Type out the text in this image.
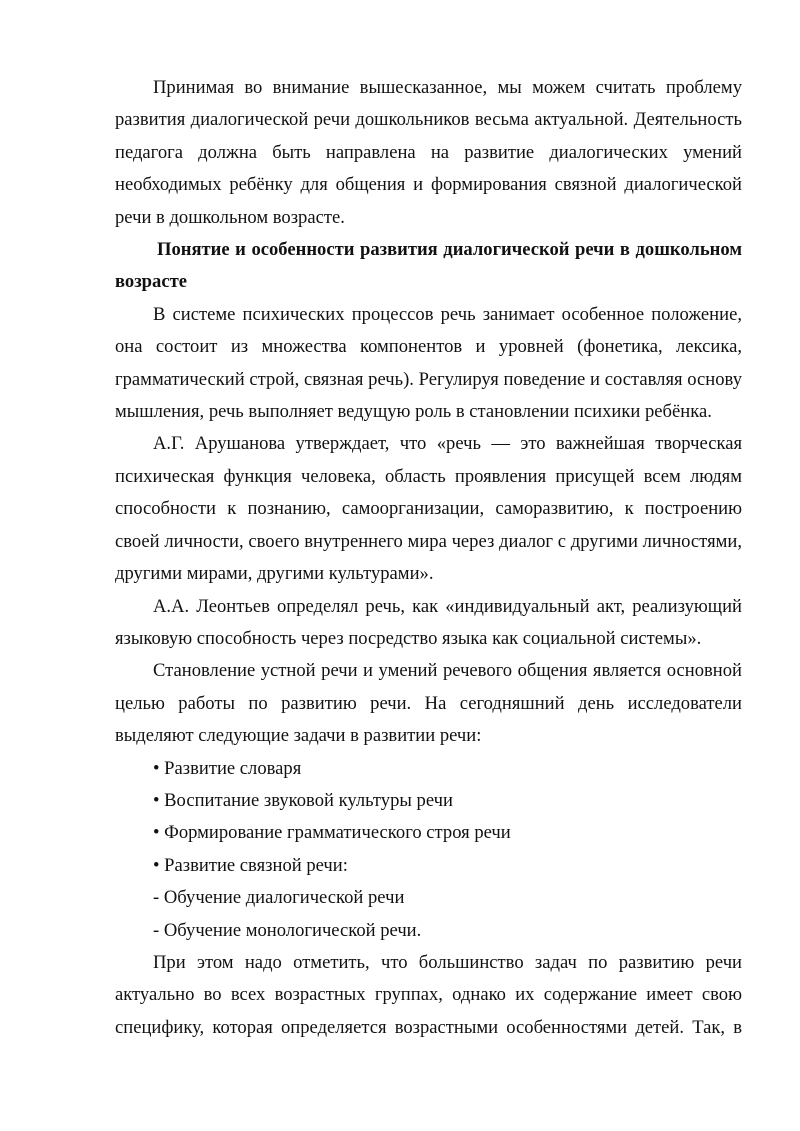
Принимая во внимание вышесказанное, мы можем считать проблему развития диалогической речи дошкольников весьма актуальной. Деятельность педагога должна быть направлена на развитие диалогических умений необходимых ребёнку для общения и формирования связной диалогической речи в дошкольном возрасте.

Понятие и особенности развития диалогической речи в дошкольном возрасте

В системе психических процессов речь занимает особенное положение, она состоит из множества компонентов и уровней (фонетика, лексика, грамматический строй, связная речь). Регулируя поведение и составляя основу мышления, речь выполняет ведущую роль в становлении психики ребёнка.

А.Г. Арушанова утверждает, что «речь — это важнейшая творческая психическая функция человека, область проявления присущей всем людям способности к познанию, самоорганизации, саморазвитию, к построению своей личности, своего внутреннего мира через диалог с другими личностями, другими мирами, другими культурами».

А.А. Леонтьев определял речь, как «индивидуальный акт, реализующий языковую способность через посредство языка как социальной системы».

Становление устной речи и умений речевого общения является основной целью работы по развитию речи. На сегодняшний день исследователи выделяют следующие задачи в развитии речи:

• Развитие словаря

• Воспитание звуковой культуры речи

• Формирование грамматического строя речи

• Развитие связной речи:

- Обучение диалогической речи

- Обучение монологической речи.

При этом надо отметить, что большинство задач по развитию речи актуально во всех возрастных группах, однако их содержание имеет свою специфику, которая определяется возрастными особенностями детей. Так, в
